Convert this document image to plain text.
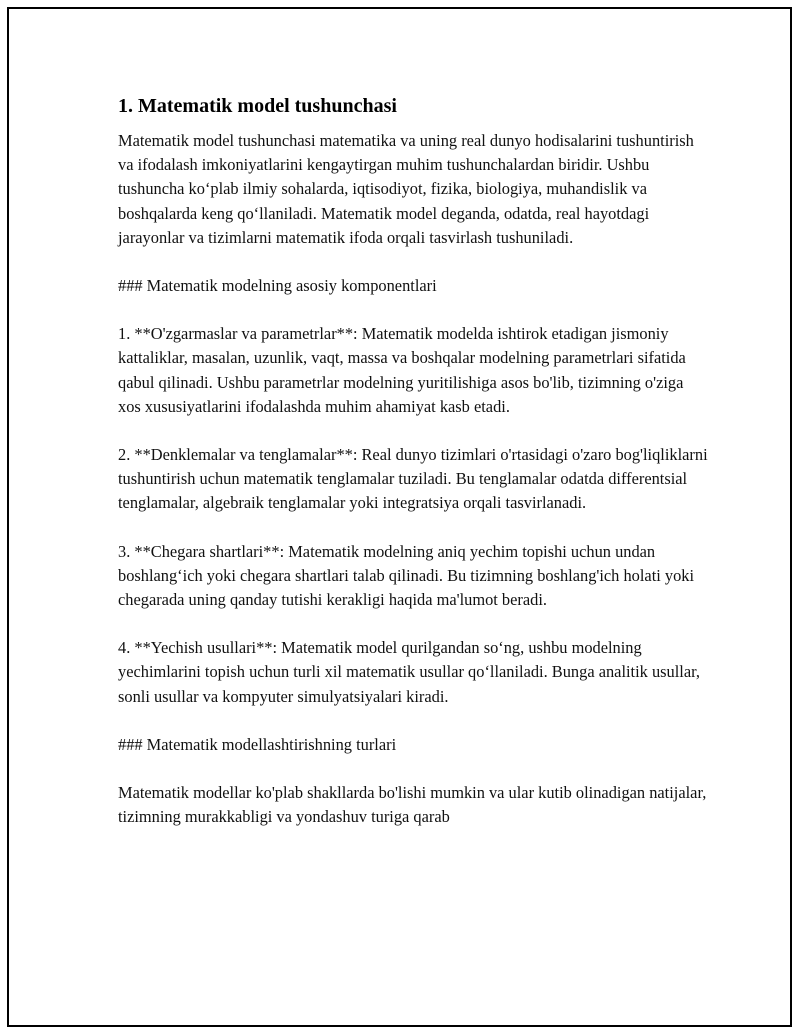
1. Matematik model tushunchasi

Matematik model tushunchasi matematika va uning real dunyo hodisalarini tushuntirish va ifodalash imkoniyatlarini kengaytirgan muhim tushunchalardan biridir. Ushbu tushuncha ko‘plab ilmiy sohalarda, iqtisodiyot, fizika, biologiya, muhandislik va boshqalarda keng qo‘llaniladi. Matematik model deganda, odatda, real hayotdagi jarayonlar va tizimlarni matematik ifoda orqali tasvirlash tushuniladi.

### Matematik modelning asosiy komponentlari

1. **O'zgarmaslar va parametrlar**: Matematik modelda ishtirok etadigan jismoniy kattaliklar, masalan, uzunlik, vaqt, massa va boshqalar modelning parametrlari sifatida qabul qilinadi. Ushbu parametrlar modelning yuritilishiga asos bo'lib, tizimning o'ziga xos xususiyatlarini ifodalashda muhim ahamiyat kasb etadi.

2. **Denklemalar va tenglamalar**: Real dunyo tizimlari o'rtasidagi o'zaro bog'liqliklarni tushuntirish uchun matematik tenglamalar tuziladi. Bu tenglamalar odatda differentsial tenglamalar, algebraik tenglamalar yoki integratsiya orqali tasvirlanadi.

3. **Chegara shartlari**: Matematik modelning aniq yechim topishi uchun undan boshlang‘ich yoki chegara shartlari talab qilinadi. Bu tizimning boshlang'ich holati yoki chegarada uning qanday tutishi kerakligi haqida ma'lumot beradi.

4. **Yechish usullari**: Matematik model qurilgandan so‘ng, ushbu modelning yechimlarini topish uchun turli xil matematik usullar qo‘llaniladi. Bunga analitik usullar, sonli usullar va kompyuter simulyatsiyalari kiradi.

### Matematik modellashtirishning turlari

Matematik modellar ko'plab shakllarda bo'lishi mumkin va ular kutib olinadigan natijalar, tizimning murakkabligi va yondashuv turiga qarab
